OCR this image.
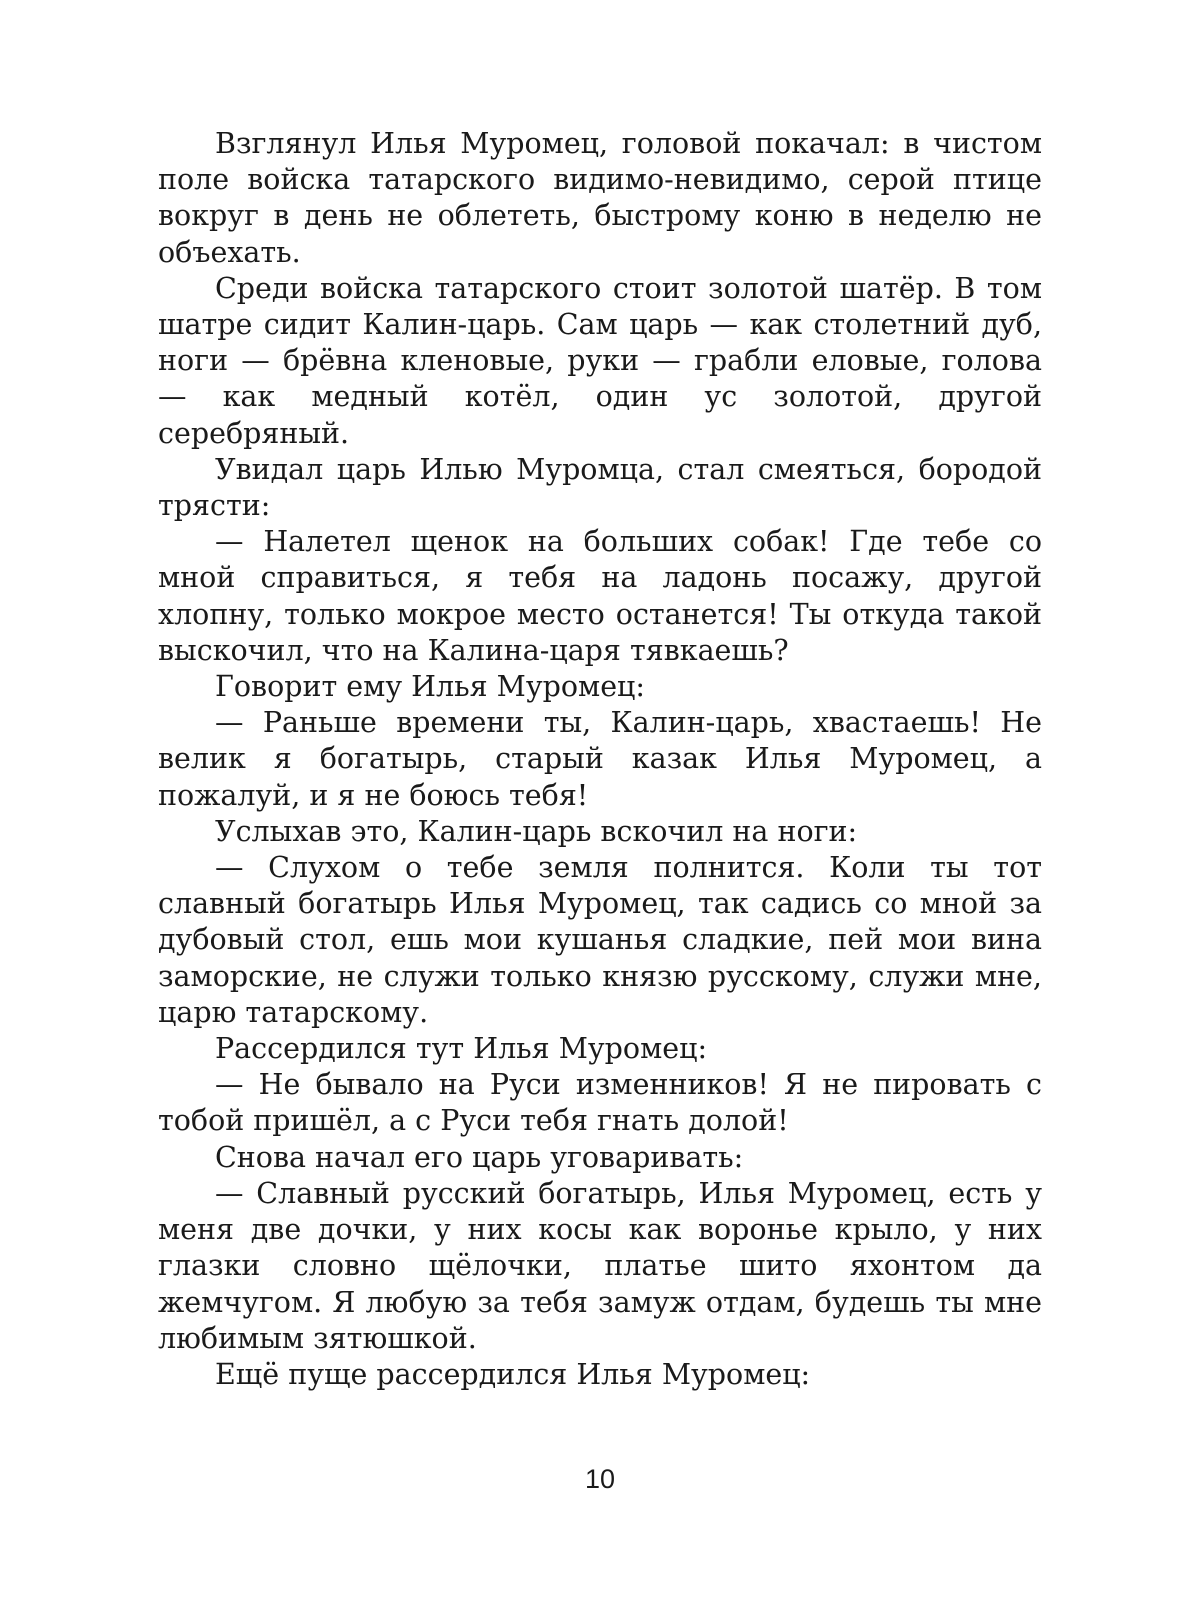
Взглянул Илья Муромец, головой покачал: в чистом поле войска татарского видимо-невидимо, серой птице вокруг в день не облететь, быстрому коню в неделю не объехать.

Среди войска татарского стоит золотой шатёр. В том шатре сидит Калин-царь. Сам царь — как столетний дуб, ноги — брёвна кленовые, руки — грабли еловые, голова — как медный котёл, один ус золотой, другой серебряный.

Увидал царь Илью Муромца, стал смеяться, бородой трясти:

— Налетел щенок на больших собак! Где тебе со мной справиться, я тебя на ладонь посажу, другой хлопну, только мокрое место останется! Ты откуда такой выскочил, что на Калина-царя тявкаешь?

Говорит ему Илья Муромец:

— Раньше времени ты, Калин-царь, хвастаешь! Не велик я богатырь, старый казак Илья Муромец, а пожалуй, и я не боюсь тебя!

Услыхав это, Калин-царь вскочил на ноги:

— Слухом о тебе земля полнится. Коли ты тот славный богатырь Илья Муромец, так садись со мной за дубовый стол, ешь мои кушанья сладкие, пей мои вина заморские, не служи только князю русскому, служи мне, царю татарскому.

Рассердился тут Илья Муромец:

— Не бывало на Руси изменников! Я не пировать с тобой пришёл, а с Руси тебя гнать долой!

Снова начал его царь уговаривать:

— Славный русский богатырь, Илья Муромец, есть у меня две дочки, у них косы как воронье крыло, у них глазки словно щёлочки, платье шито яхонтом да жемчугом. Я любую за тебя замуж отдам, будешь ты мне любимым зятюшкой.

Ещё пуще рассердился Илья Муромец:

10
